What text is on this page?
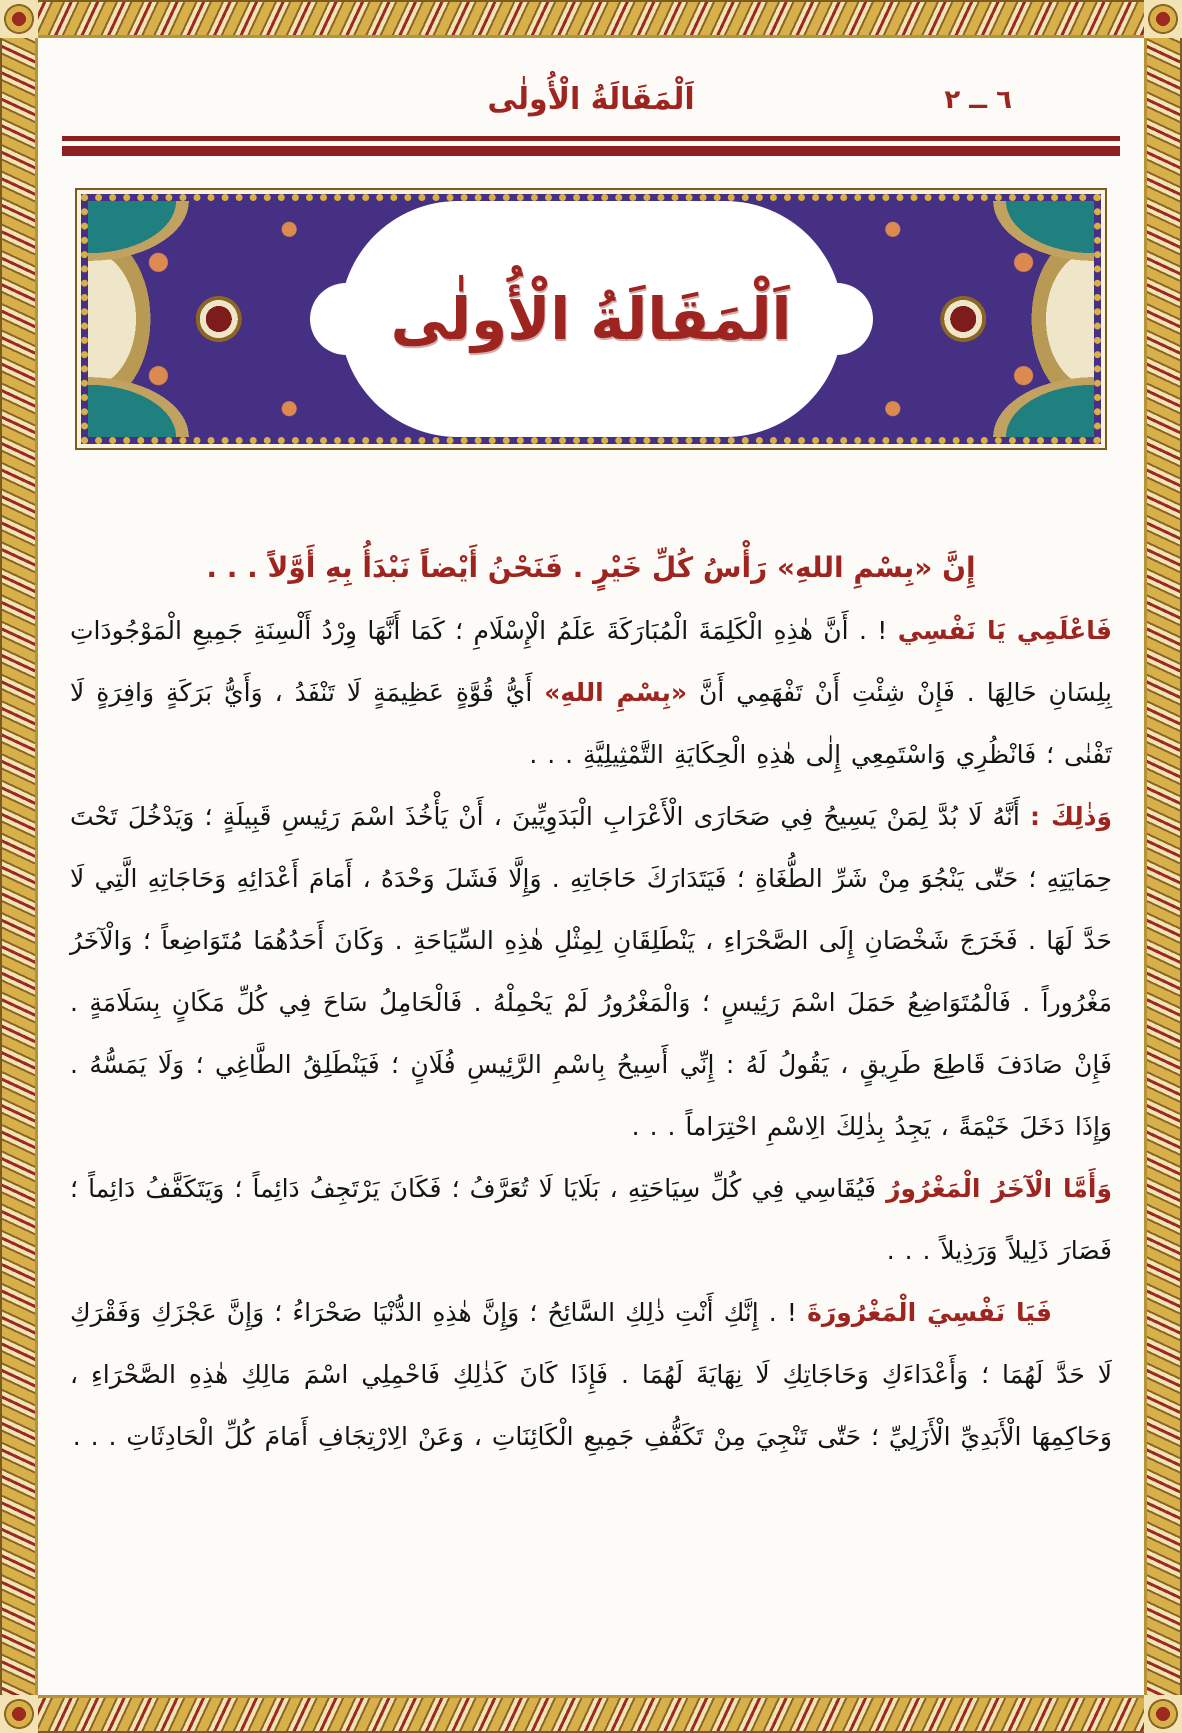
اَلْمَقَالَةُ الْأُولٰى	٦ ــ ٢
اَلْمَقَالَةُ الْأُولٰى

إِنَّ «بِسْمِ اللهِ» رَأْسُ كُلِّ خَيْرٍ . فَنَحْنُ أَيْضاً نَبْدَأُ بِهِ أَوَّلاً . . .

فَاعْلَمِي يَا نَفْسِي ! . أَنَّ هٰذِهِ الْكَلِمَةَ الْمُبَارَكَةَ عَلَمُ الْإِسْلَامِ ؛ كَمَا أَنَّهَا وِرْدُ أَلْسِنَةِ جَمِيعِ الْمَوْجُودَاتِ بِلِسَانِ حَالِهَا . فَإِنْ شِئْتِ أَنْ تَفْهَمِي أَنَّ «بِسْمِ اللهِ» أَيُّ قُوَّةٍ عَظِيمَةٍ لَا تَنْفَدُ ، وَأَيُّ بَرَكَةٍ وَافِرَةٍ لَا تَفْنٰى ؛ فَانْظُرِي وَاسْتَمِعِي إِلٰى هٰذِهِ الْحِكَايَةِ التَّمْثِيلِيَّةِ . . .

وَذٰلِكَ : أَنَّهُ لَا بُدَّ لِمَنْ يَسِيحُ فِي صَحَارَى الْأَعْرَابِ الْبَدَوِيِّينَ ، أَنْ يَأْخُذَ اسْمَ رَئِيسِ قَبِيلَةٍ ؛ وَيَدْخُلَ تَحْتَ حِمَايَتِهِ ؛ حَتّٰى يَنْجُوَ مِنْ شَرِّ الطُّغَاةِ ؛ فَيَتَدَارَكَ حَاجَاتِهِ . وَإِلَّا فَشَلَ وَحْدَهُ ، أَمَامَ أَعْدَائِهِ وَحَاجَاتِهِ الَّتِي لَا حَدَّ لَهَا . فَخَرَجَ شَخْصَانِ إِلَى الصَّحْرَاءِ ، يَنْطَلِقَانِ لِمِثْلِ هٰذِهِ السِّيَاحَةِ . وَكَانَ أَحَدُهُمَا مُتَوَاضِعاً ؛ وَالْآخَرُ مَغْرُوراً . فَالْمُتَوَاضِعُ حَمَلَ اسْمَ رَئِيسٍ ؛ وَالْمَغْرُورُ لَمْ يَحْمِلْهُ . فَالْحَامِلُ سَاحَ فِي كُلِّ مَكَانٍ بِسَلَامَةٍ . فَإِنْ صَادَفَ قَاطِعَ طَرِيقٍ ، يَقُولُ لَهُ : إِنِّي أَسِيحُ بِاسْمِ الرَّئِيسِ فُلَانٍ ؛ فَيَنْطَلِقُ الطَّاغِي ؛ وَلَا يَمَسُّهُ . وَإِذَا دَخَلَ خَيْمَةً ، يَجِدُ بِذٰلِكَ الِاسْمِ احْتِرَاماً . . .

وَأَمَّا الْآخَرُ الْمَغْرُورُ فَيُقَاسِي فِي كُلِّ سِيَاحَتِهِ ، بَلَايَا لَا تُعَرَّفُ ؛ فَكَانَ يَرْتَجِفُ دَائِماً ؛ وَيَتَكَفَّفُ دَائِماً ؛ فَصَارَ ذَلِيلاً وَرَذِيلاً . . .

فَيَا نَفْسِيَ الْمَغْرُورَةَ ! . إِنَّكِ أَنْتِ ذٰلِكِ السَّائِحُ ؛ وَإِنَّ هٰذِهِ الدُّنْيَا صَحْرَاءُ ؛ وَإِنَّ عَجْزَكِ وَفَقْرَكِ لَا حَدَّ لَهُمَا ؛ وَأَعْدَاءَكِ وَحَاجَاتِكِ لَا نِهَايَةَ لَهُمَا . فَإِذَا كَانَ كَذٰلِكِ فَاحْمِلِي اسْمَ مَالِكِ هٰذِهِ الصَّحْرَاءِ ، وَحَاكِمِهَا الْأَبَدِيِّ الْأَزَلِيِّ ؛ حَتّٰى تَنْجِيَ مِنْ تَكَفُّفِ جَمِيعِ الْكَائِنَاتِ ، وَعَنْ الِارْتِجَافِ أَمَامَ كُلِّ الْحَادِثَاتِ . . .
